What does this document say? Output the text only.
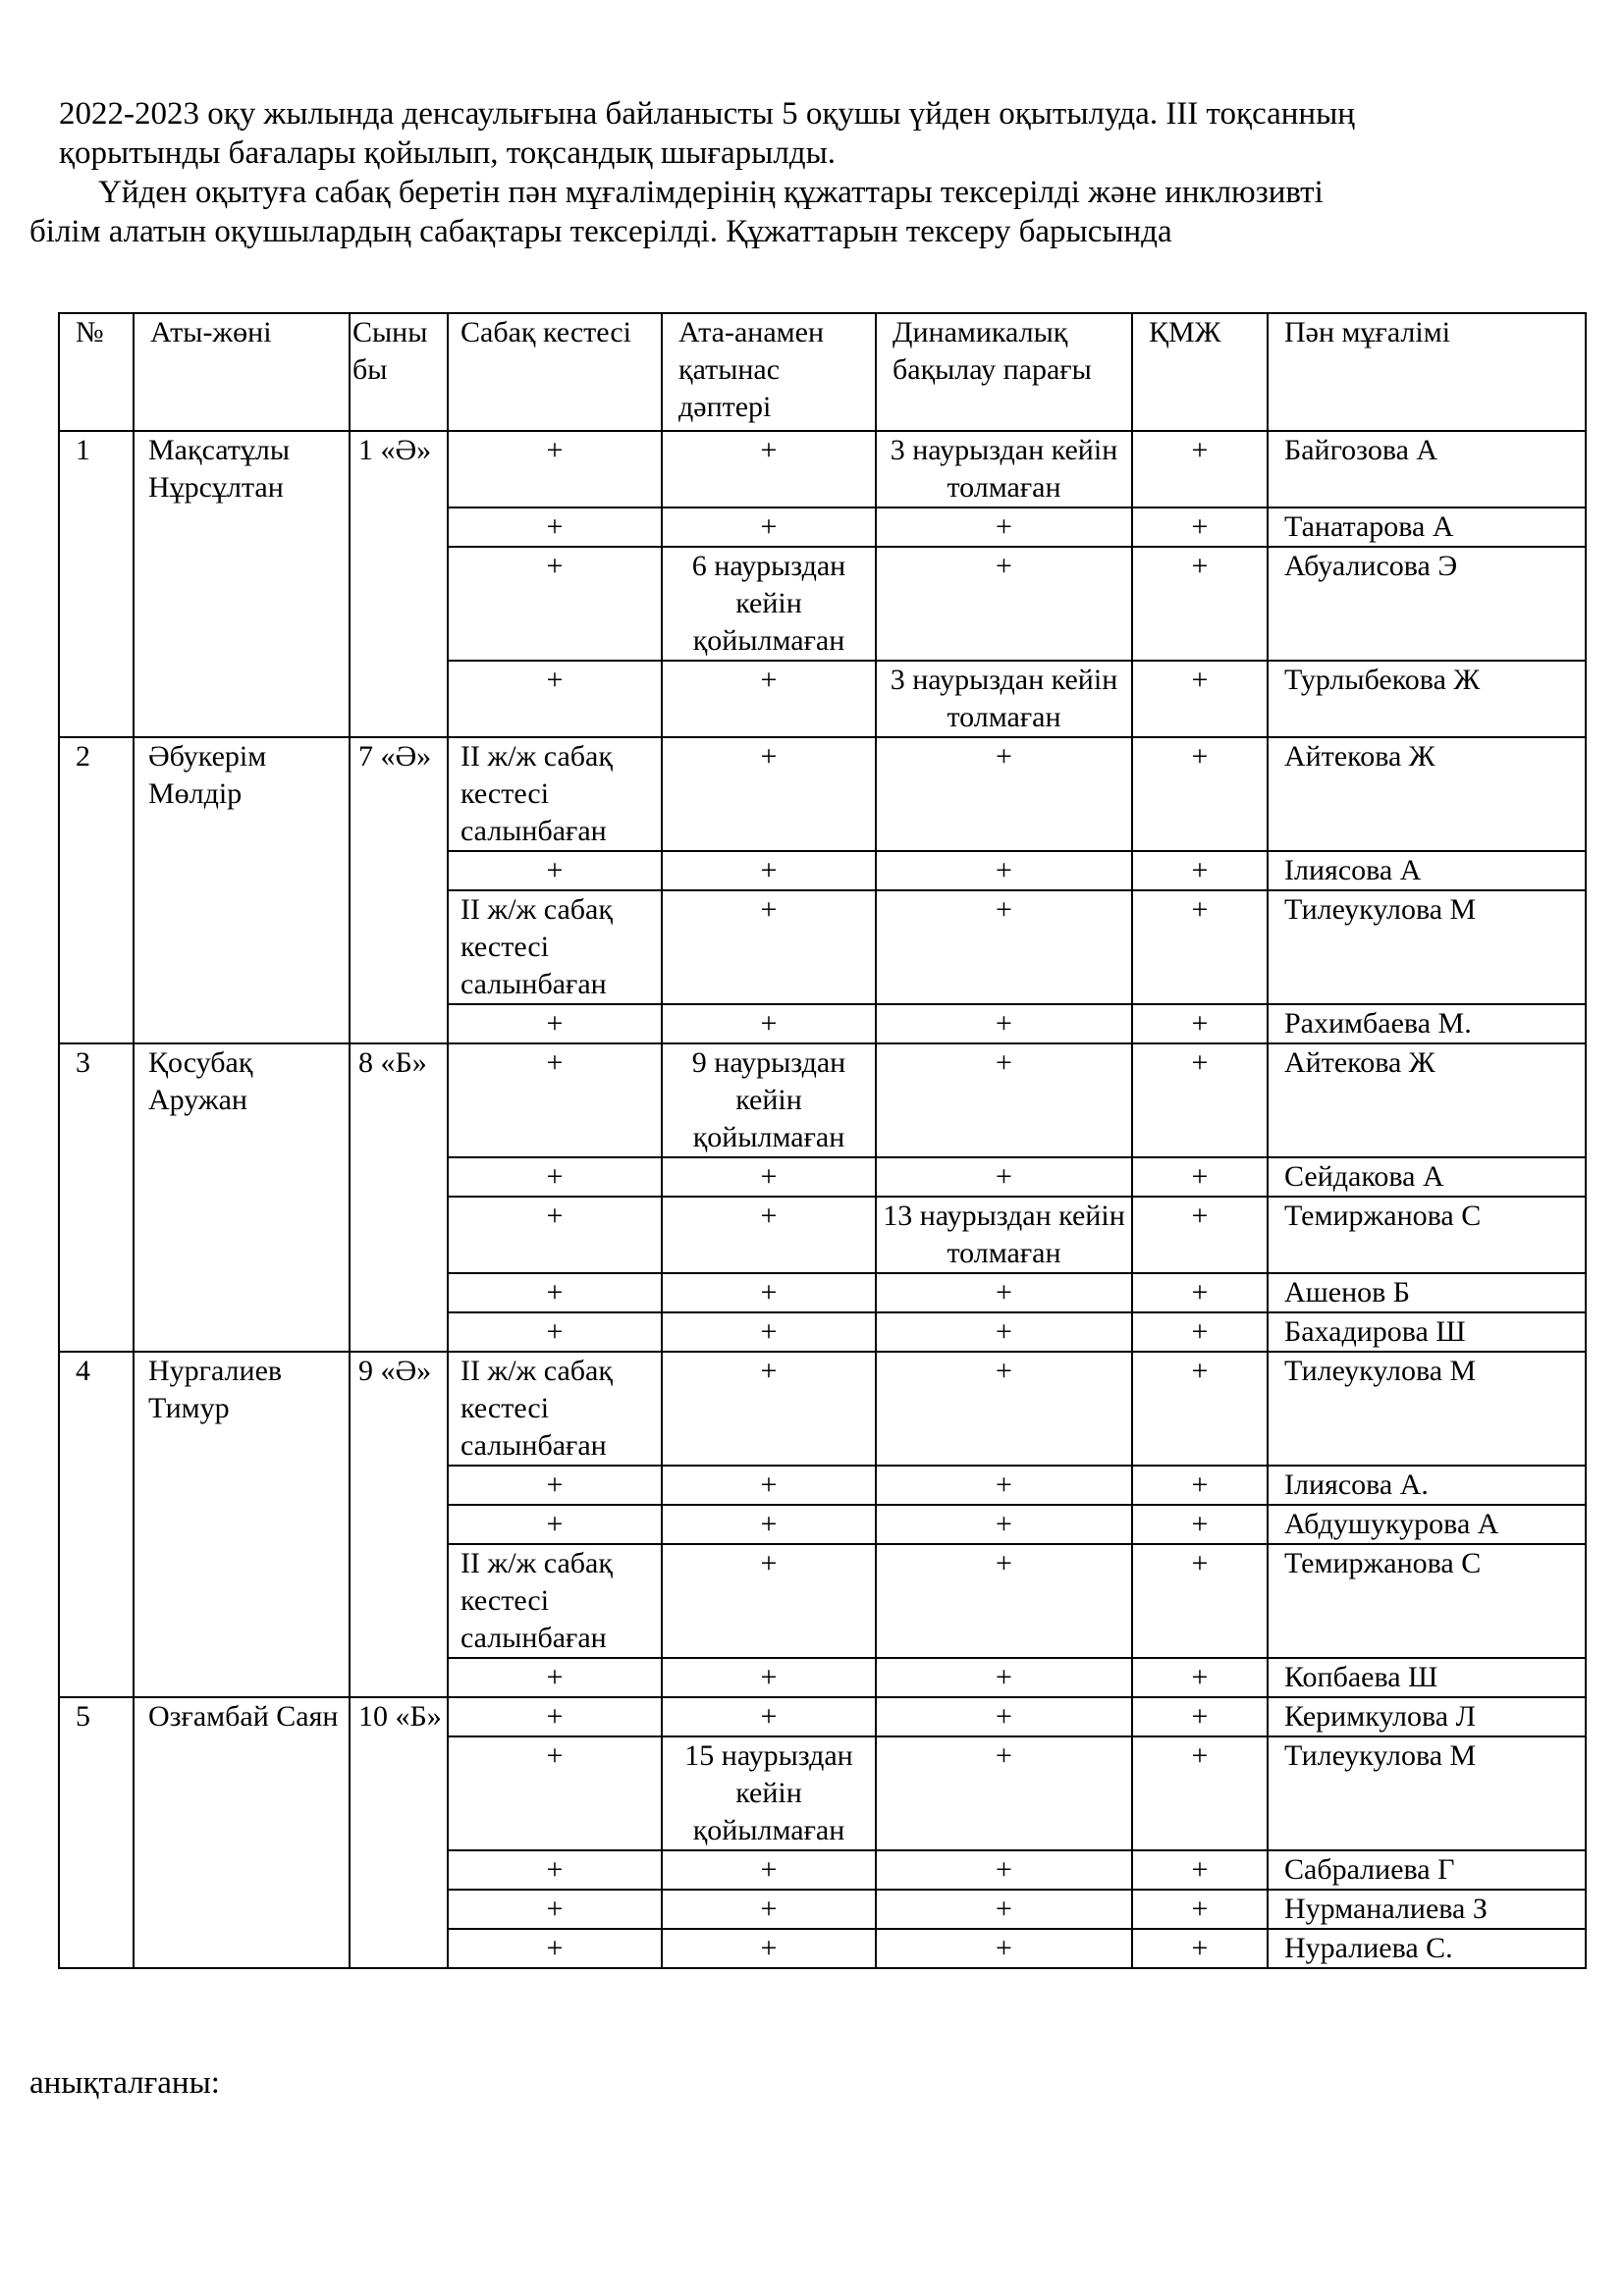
2022-2023 оқу жылында денсаулығына байланысты 5 оқушы үйден оқытылуда. ІІІ тоқсанның

қорытынды бағалары қойылып, тоқсандық шығарылды.

Үйден оқытуға сабақ беретін пән мұғалімдерінің құжаттары тексерілді және инклюзивті

білім алатын оқушылардың сабақтары тексерілді. Құжаттарын тексеру барысында

№	Аты-жөні	Сыныбы	Сабақ кестесі	Ата-анамен қатынас дәптері	Динамикалық бақылау парағы	ҚМЖ	Пән мұғалімі
1	Мақсатұлы Нұрсұлтан	1 «Ә»	+	+	3 наурыздан кейін толмаған	+	Байгозова А
			+	+	+	+	Танатарова А
			+	6 наурыздан кейін қойылмаған	+	+	Абуалисова Э
			+	+	3 наурыздан кейін толмаған	+	Турлыбекова Ж
2	Әбукерім Мөлдір	7 «Ә»	II ж/ж сабақ кестесі салынбаған	+	+	+	Айтекова Ж
			+	+	+	+	Ілиясова А
			II ж/ж сабақ кестесі салынбаған	+	+	+	Тилеукулова М
			+	+	+	+	Рахимбаева М.
3	Қосубақ Аружан	8 «Б»	+	9 наурыздан кейін қойылмаған	+	+	Айтекова Ж
			+	+	+	+	Сейдакова А
			+	+	13 наурыздан кейін толмаған	+	Темиржанова С
			+	+	+	+	Ашенов Б
			+	+	+	+	Бахадирова Ш
4	Нургалиев Тимур	9 «Ә»	II ж/ж сабақ кестесі салынбаған	+	+	+	Тилеукулова М
			+	+	+	+	Ілиясова А.
			+	+	+	+	Абдушукурова А
			II ж/ж сабақ кестесі салынбаған	+	+	+	Темиржанова С
			+	+	+	+	Копбаева Ш
5	Озғамбай Саян	10 «Б»	+	+	+	+	Керимкулова Л
			+	15 наурыздан кейін қойылмаған	+	+	Тилеукулова М
			+	+	+	+	Сабралиева Г
			+	+	+	+	Нурманалиева З
			+	+	+	+	Нуралиева С.
анықталғаны:
